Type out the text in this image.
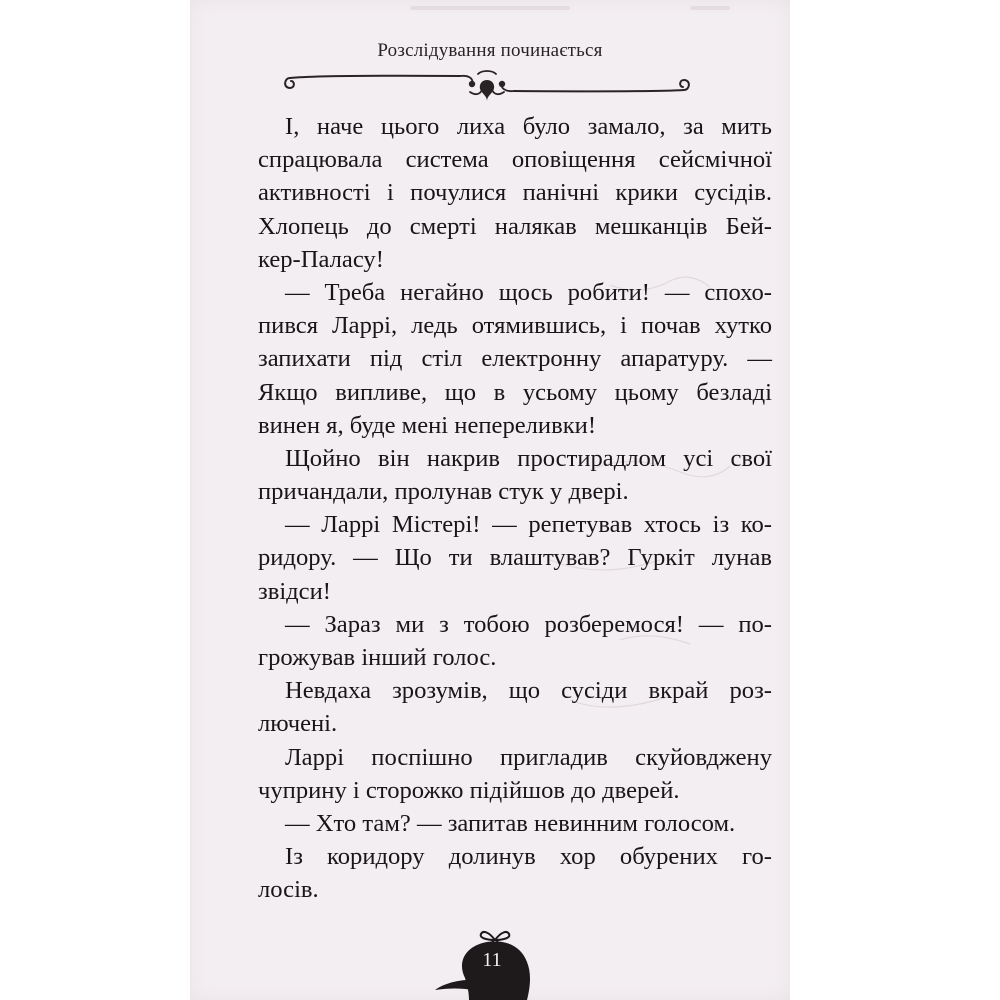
Розслідування починається
І, наче цього лиха було замало, за мить
спрацювала система оповіщення сейсмічної
активності і почулися панічні крики сусідів.
Хлопець до смерті налякав мешканців Бей-
кер-Паласу!
— Треба негайно щось робити! — спохо-
пився Ларрі, ледь отямившись, і почав хутко
запихати під стіл електронну апаратуру. —
Якщо випливе, що в усьому цьому безладі
винен я, буде мені непереливки!
Щойно він накрив простирадлом усі свої
причандали, пролунав стук у двері.
— Ларрі Містері! — репетував хтось із ко-
ридору. — Що ти влаштував? Гуркіт лунав
звідси!
— Зараз ми з тобою розберемося! — по-
грожував інший голос.
Невдаха зрозумів, що сусіди вкрай роз-
лючені.
Ларрі поспішно пригладив скуйовджену
чуприну і сторожко підійшов до дверей.
— Хто там? — запитав невинним голосом.
Із коридору долинув хор обурених го-
лосів.
11
